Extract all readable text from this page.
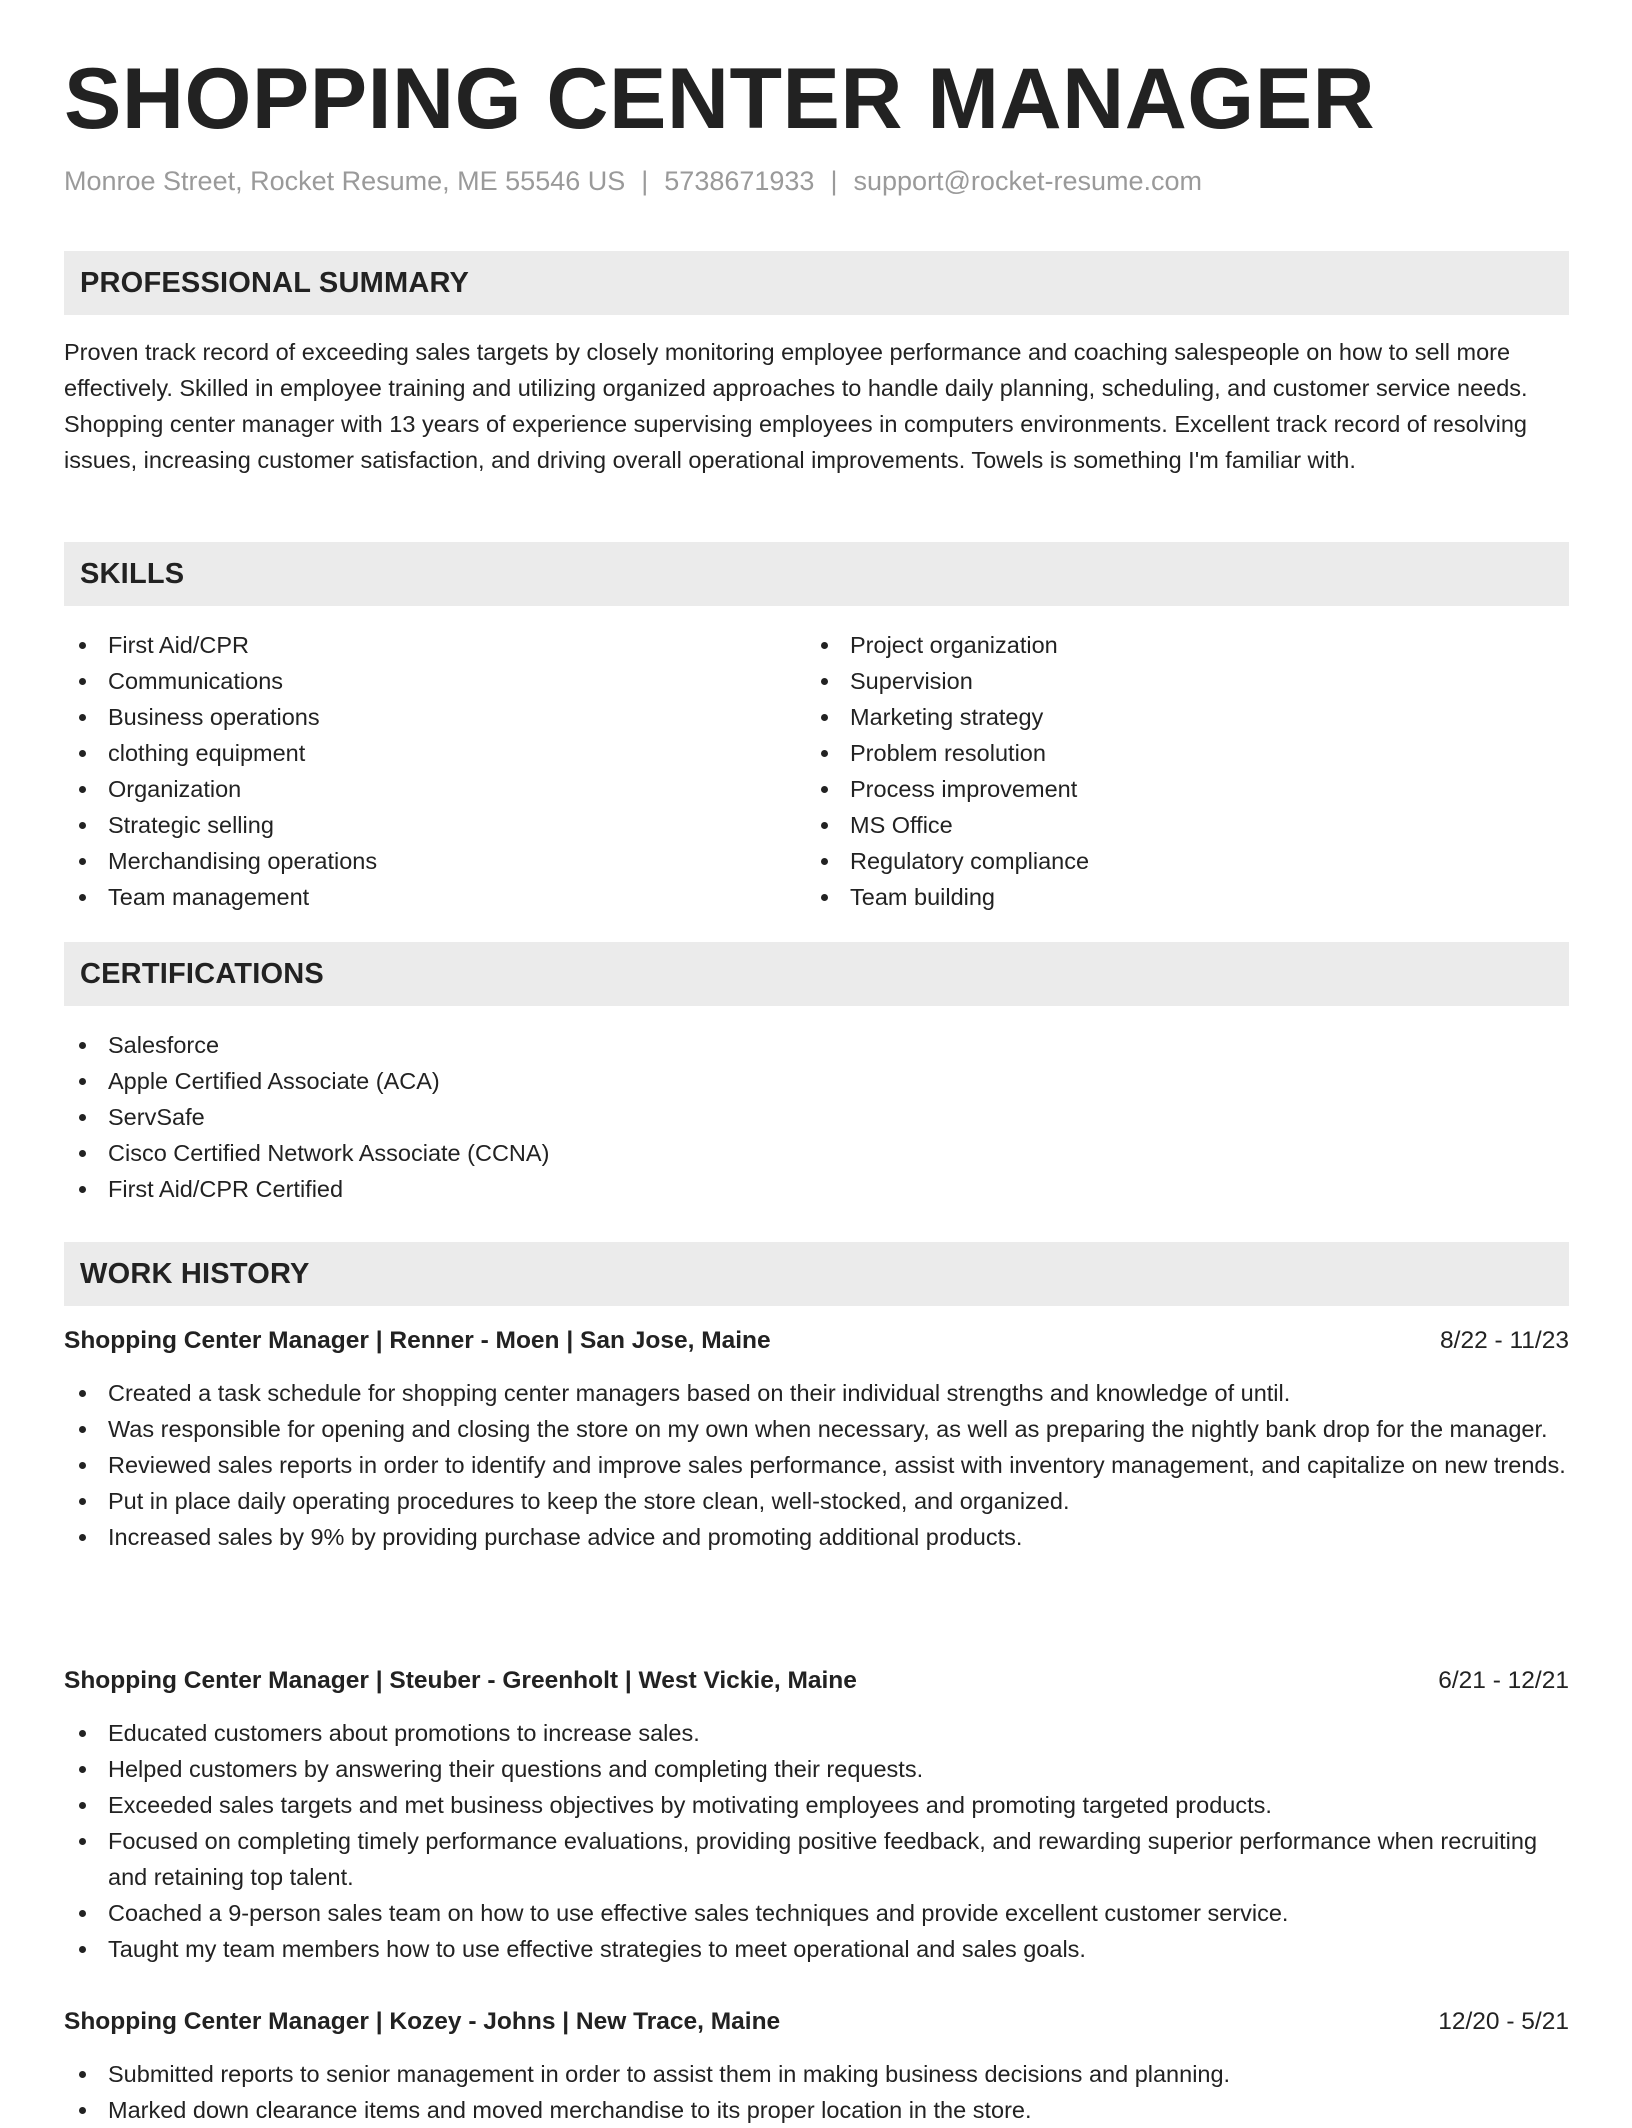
SHOPPING CENTER MANAGER
Monroe Street, Rocket Resume, ME 55546 US | 5738671933 | support@rocket-resume.com
PROFESSIONAL SUMMARY

Proven track record of exceeding sales targets by closely monitoring employee performance and coaching salespeople on how to sell more effectively. Skilled in employee training and utilizing organized approaches to handle daily planning, scheduling, and customer service needs. Shopping center manager with 13 years of experience supervising employees in computers environments. Excellent track record of resolving issues, increasing customer satisfaction, and driving overall operational improvements. Towels is something I'm familiar with.

SKILLS
First Aid/CPR
Communications
Business operations
clothing equipment
Organization
Strategic selling
Merchandising operations
Team management
Project organization
Supervision
Marketing strategy
Problem resolution
Process improvement
MS Office
Regulatory compliance
Team building
CERTIFICATIONS
Salesforce
Apple Certified Associate (ACA)
ServSafe
Cisco Certified Network Associate (CCNA)
First Aid/CPR Certified
WORK HISTORY
Shopping Center Manager | Renner - Moen | San Jose, Maine	8/22 - 11/23
Created a task schedule for shopping center managers based on their individual strengths and knowledge of until.
Was responsible for opening and closing the store on my own when necessary, as well as preparing the nightly bank drop for the manager.
Reviewed sales reports in order to identify and improve sales performance, assist with inventory management, and capitalize on new trends.
Put in place daily operating procedures to keep the store clean, well-stocked, and organized.
Increased sales by 9% by providing purchase advice and promoting additional products.
Shopping Center Manager | Steuber - Greenholt | West Vickie, Maine	6/21 - 12/21
Educated customers about promotions to increase sales.
Helped customers by answering their questions and completing their requests.
Exceeded sales targets and met business objectives by motivating employees and promoting targeted products.
Focused on completing timely performance evaluations, providing positive feedback, and rewarding superior performance when recruiting and retaining top talent.
Coached a 9-person sales team on how to use effective sales techniques and provide excellent customer service.
Taught my team members how to use effective strategies to meet operational and sales goals.
Shopping Center Manager | Kozey - Johns | New Trace, Maine	12/20 - 5/21
Submitted reports to senior management in order to assist them in making business decisions and planning.
Marked down clearance items and moved merchandise to its proper location in the store.
